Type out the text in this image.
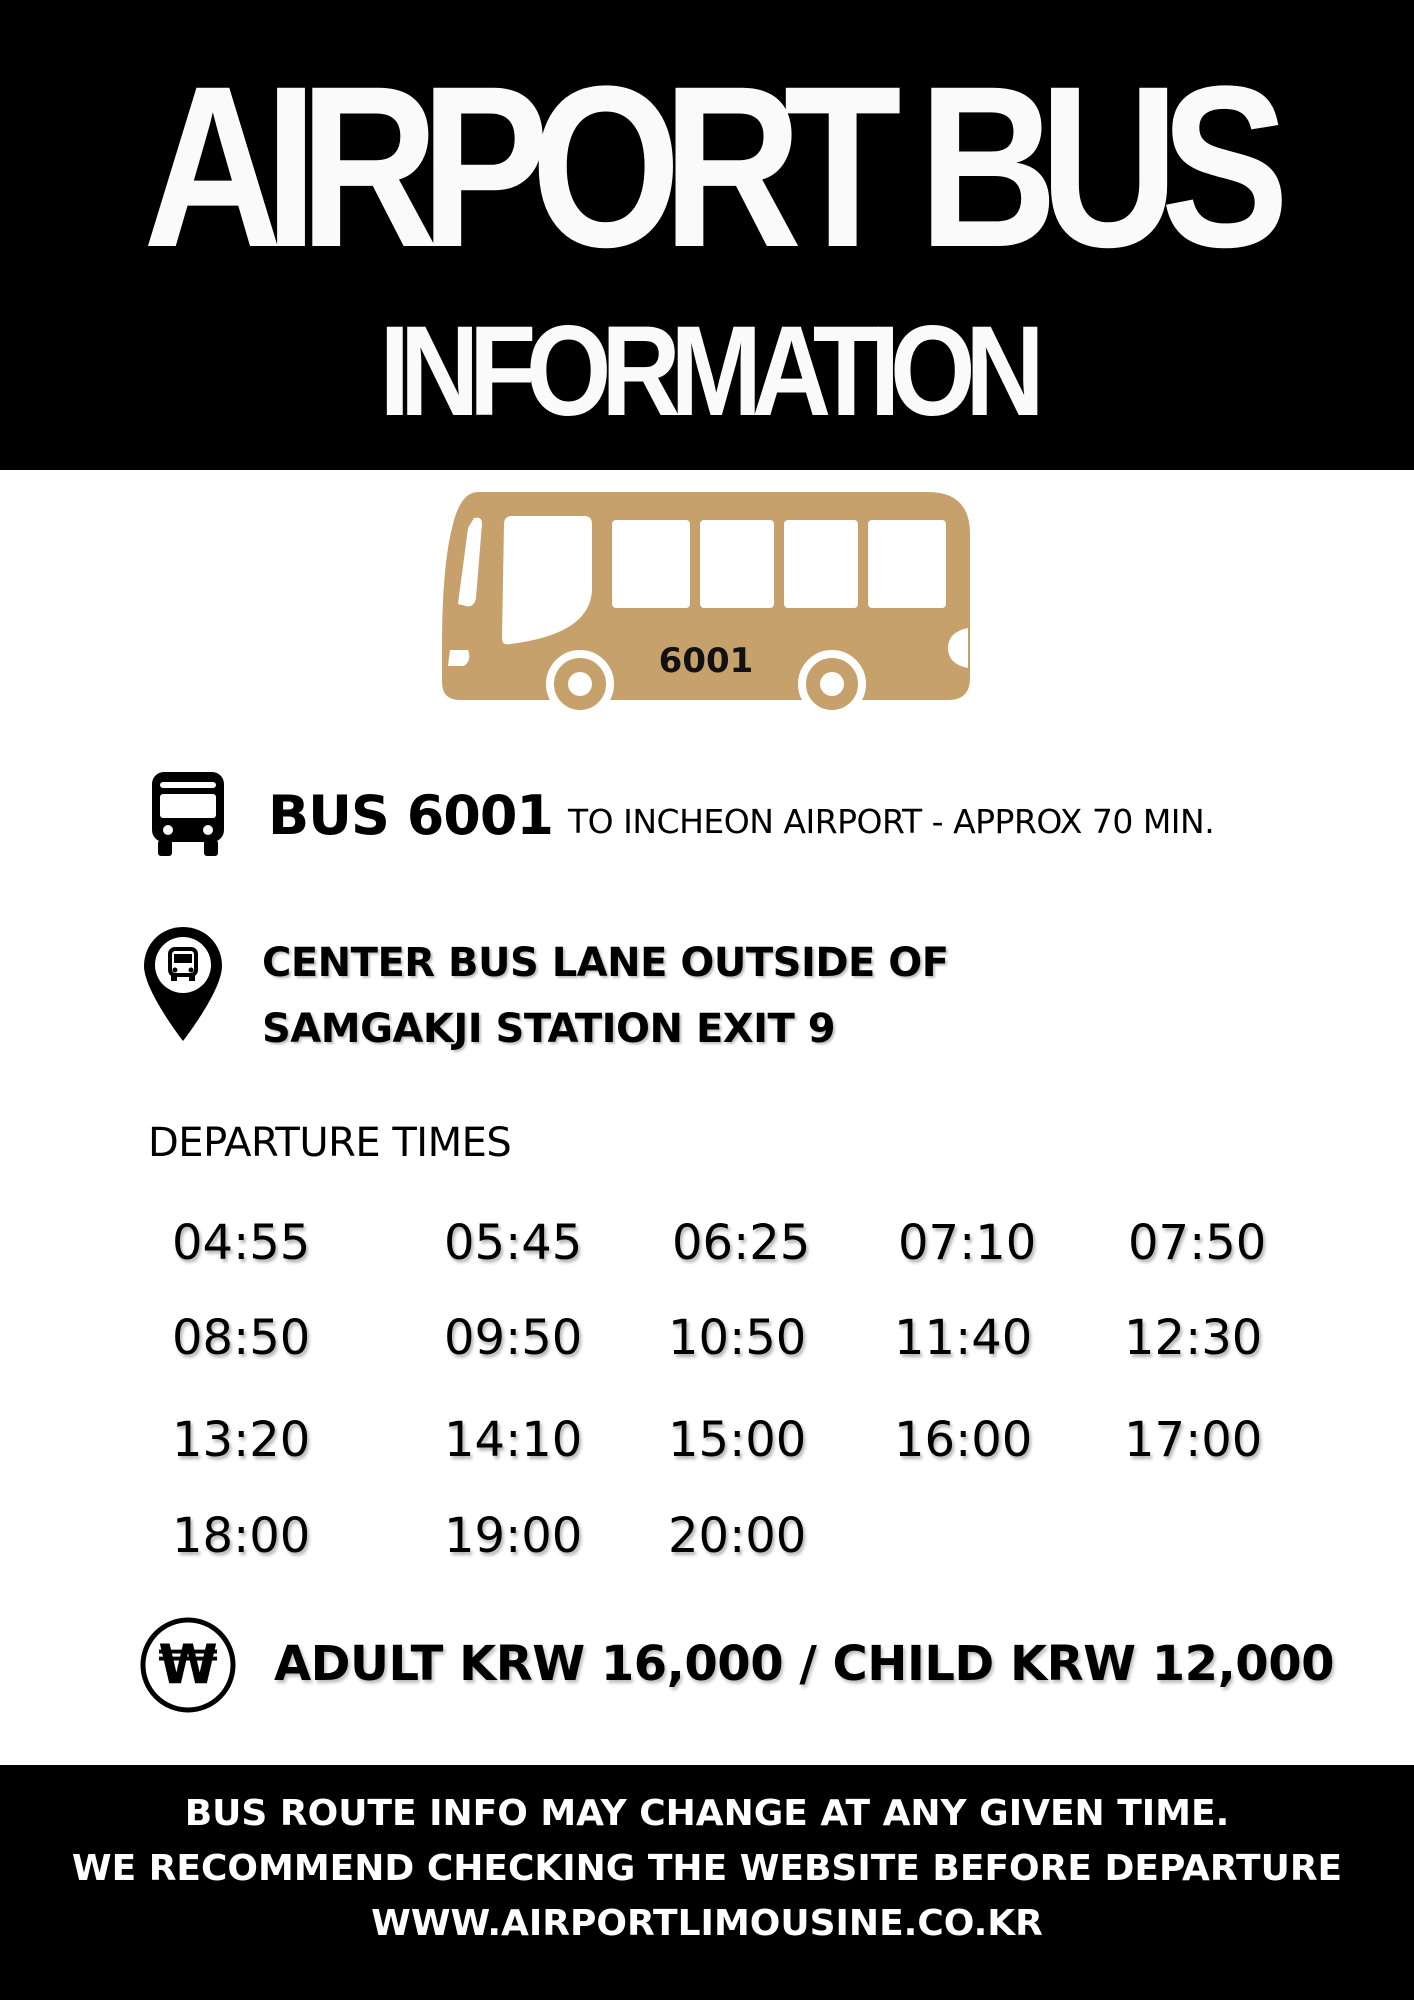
AIRPORT BUS
INFORMATION
6001
BUS 6001 TO INCHEON AIRPORT - APPROX 70 MIN.
CENTER BUS LANE OUTSIDE OF
SAMGAKJI STATION EXIT 9
DEPARTURE TIMES
04:55	05:45 06:25 07:10 07:50
08:50	09:50 10:50 11:40 12:30
13:20	14:10 15:00 16:00 17:00
18:00	19:00 20:00
₩ ADULT KRW 16,000 / CHILD KRW 12,000
BUS ROUTE INFO MAY CHANGE AT ANY GIVEN TIME.
WE RECOMMEND CHECKING THE WEBSITE BEFORE DEPARTURE
WWW.AIRPORTLIMOUSINE.CO.KR
